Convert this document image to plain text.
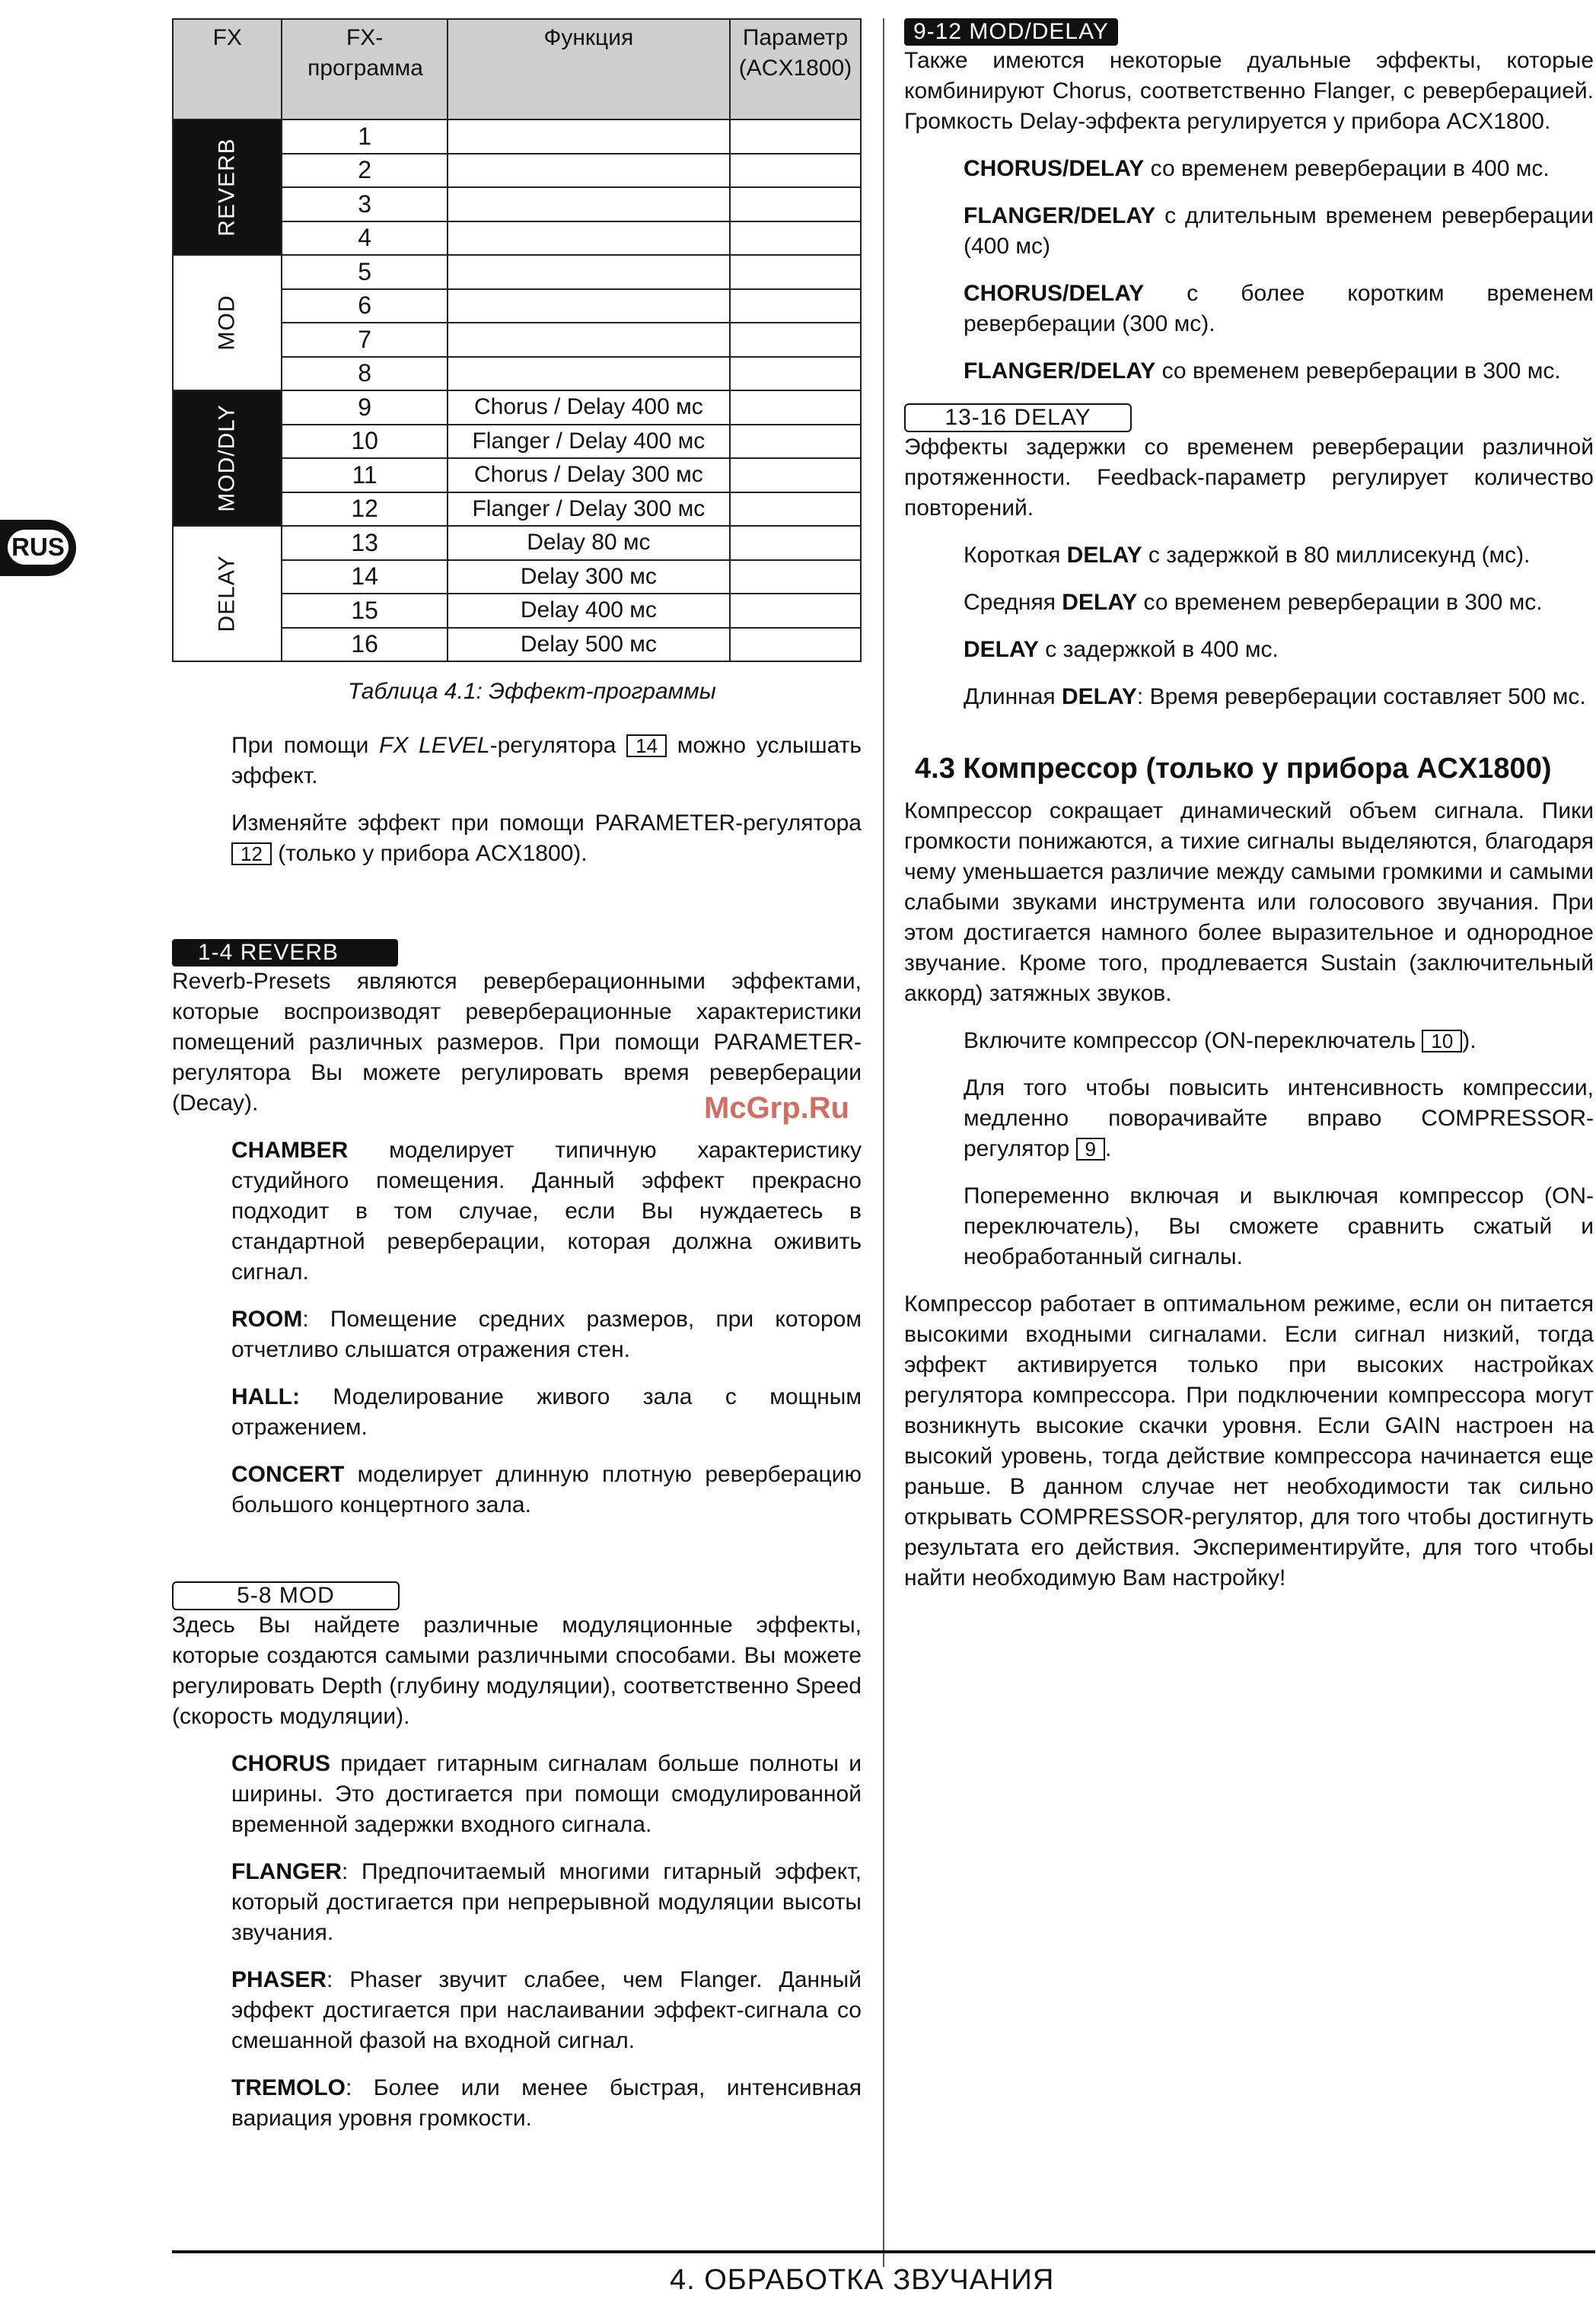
RUS
FX	FX-программа	Функция	Параметр (ACX1800)
REVERB	1		
	2		
	3		
	4		
MOD	5		
	6		
	7		
	8		
MOD/DLY	9	Chorus / Delay 400 мс	
	10	Flanger / Delay 400 мс	
	11	Chorus / Delay 300 мс	
	12	Flanger / Delay 300 мс	
DELAY	13	Delay 80 мс	
	14	Delay 300 мс	
	15	Delay 400 мс	
	16	Delay 500 мс	
Таблица 4.1: Эффект-программы

При помощи FX LEVEL-регулятора 14 можно услышать эффект.

Изменяйте эффект при помощи PARAMETER-регулятора 12 (только у прибора ACX1800).

1-4 REVERB

Reverb-Presets являются реверберационными эффектами, которые воспроизводят реверберационные характеристики помещений различных размеров. При помощи PARAMETER-регулятора Вы можете регулировать время реверберации (Decay).

CHAMBER моделирует типичную характеристику студийного помещения. Данный эффект прекрасно подходит в том случае, если Вы нуждаетесь в стандартной реверберации, которая должна оживить сигнал.

ROOM: Помещение средних размеров, при котором отчетливо слышатся отражения стен.

HALL: Моделирование живого зала с мощным отражением.

CONCERT моделирует длинную плотную реверберацию большого концертного зала.

5-8 MOD

Здесь Вы найдете различные модуляционные эффекты, которые создаются самыми различными способами. Вы можете регулировать Depth (глубину модуляции), соответственно Speed (скорость модуляции).

CHORUS придает гитарным сигналам больше полноты и ширины. Это достигается при помощи смодулированной временной задержки входного сигнала.

FLANGER: Предпочитаемый многими гитарный эффект, который достигается при непрерывной модуляции высоты звучания.

PHASER: Phaser звучит слабее, чем Flanger. Данный эффект достигается при наслаивании эффект-сигнала со смешанной фазой на входной сигнал.

TREMOLO: Более или менее быстрая, интенсивная вариация уровня громкости.

9-12 MOD/DELAY

Также имеются некоторые дуальные эффекты, которые комбинируют Chorus, соответственно Flanger, с реверберацией. Громкость Delay-эффекта регулируется у прибора ACX1800.

CHORUS/DELAY со временем реверберации в 400 мс.

FLANGER/DELAY с длительным временем реверберации (400 мс)

CHORUS/DELAY с более коротким временем реверберации (300 мс).

FLANGER/DELAY со временем реверберации в 300 мс.

13-16 DELAY

Эффекты задержки со временем реверберации различной протяженности. Feedback-параметр регулирует количество повторений.

Короткая DELAY с задержкой в 80 миллисекунд (мс).

Средняя DELAY со временем реверберации в 300 мс.

DELAY с задержкой в 400 мс.

Длинная DELAY: Время реверберации составляет 500 мс.

4.3 Компрессор (только у прибора ACX1800)

Компрессор сокращает динамический объем сигнала. Пики громкости понижаются, а тихие сигналы выделяются, благодаря чему уменьшается различие между самыми громкими и самыми слабыми звуками инструмента или голосового звучания. При этом достигается намного более выразительное и однородное звучание. Кроме того, продлевается Sustain (заключительный аккорд) затяжных звуков.

Включите компрессор (ON-переключатель 10 ).

Для того чтобы повысить интенсивность компрессии, медленно поворачивайте вправо COMPRESSOR-регулятор 9 .

Попеременно включая и выключая компрессор (ON-переключатель), Вы сможете сравнить сжатый и необработанный сигналы.

Компрессор работает в оптимальном режиме, если он питается высокими входными сигналами. Если сигнал низкий, тогда эффект активируется только при высоких настройках регулятора компрессора. При подключении компрессора могут возникнуть высокие скачки уровня. Если GAIN настроен на высокий уровень, тогда действие компрессора начинается еще раньше. В данном случае нет необходимости так сильно открывать COMPRESSOR-регулятор, для того чтобы достигнуть результата его действия. Экспериментируйте, для того чтобы найти необходимую Вам настройку!

McGrp.Ru
4. ОБРАБОТКА ЗВУЧАНИЯ
